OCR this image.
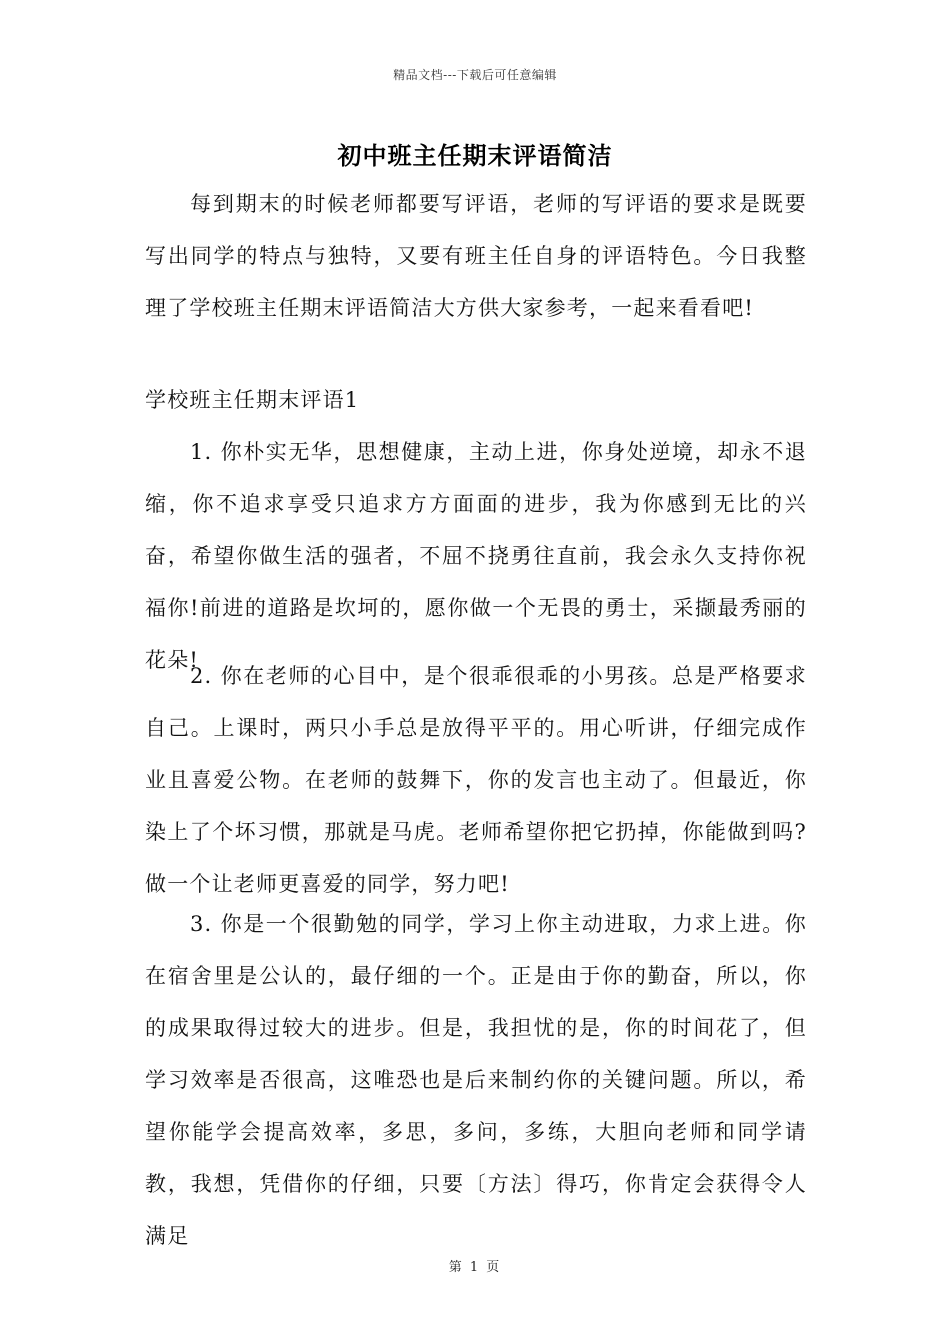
精品文档---下载后可任意编辑
初中班主任期末评语简洁

每到期末的时候老师都要写评语，老师的写评语的要求是既要写出同学的特点与独特，又要有班主任自身的评语特色。今日我整理了学校班主任期末评语简洁大方供大家参考，一起来看看吧!

学校班主任期末评语1

1. 你朴实无华，思想健康，主动上进，你身处逆境，却永不退缩，你不追求享受只追求方方面面的进步，我为你感到无比的兴奋，希望你做生活的强者，不屈不挠勇往直前，我会永久支持你祝福你!前进的道路是坎坷的，愿你做一个无畏的勇士，采撷最秀丽的花朵!

2. 你在老师的心目中，是个很乖很乖的小男孩。总是严格要求自己。上课时，两只小手总是放得平平的。用心听讲，仔细完成作业且喜爱公物。在老师的鼓舞下，你的发言也主动了。但最近，你染上了个坏习惯，那就是马虎。老师希望你把它扔掉，你能做到吗?做一个让老师更喜爱的同学，努力吧!

3. 你是一个很勤勉的同学，学习上你主动进取，力求上进。你在宿舍里是公认的，最仔细的一个。正是由于你的勤奋，所以，你的成果取得过较大的进步。但是，我担忧的是，你的时间花了，但学习效率是否很高，这唯恐也是后来制约你的关键问题。所以，希望你能学会提高效率，多思，多问，多练，大胆向老师和同学请教，我想，凭借你的仔细，只要〔方法〕得巧，你肯定会获得令人满足

第 1 页
